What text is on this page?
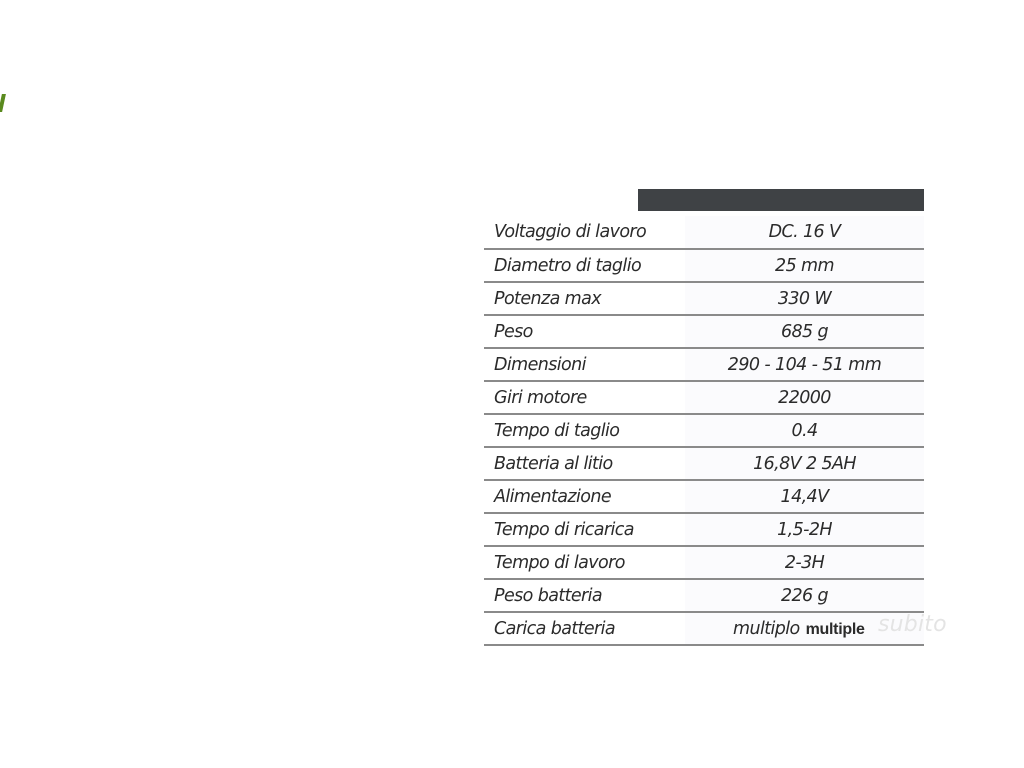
Voltaggio di lavoro	DC. 16 V
Diametro di taglio	25 mm
Potenza max	330 W
Peso	685 g
Dimensioni	290 - 104 - 51 mm
Giri motore	22000
Tempo di taglio	0.4
Batteria al litio	16,8V 2 5AH
Alimentazione	14,4V
Tempo di ricarica	1,5-2H
Tempo di lavoro	2-3H
Peso batteria	226 g
Carica batteria	multiplo multiple subito
